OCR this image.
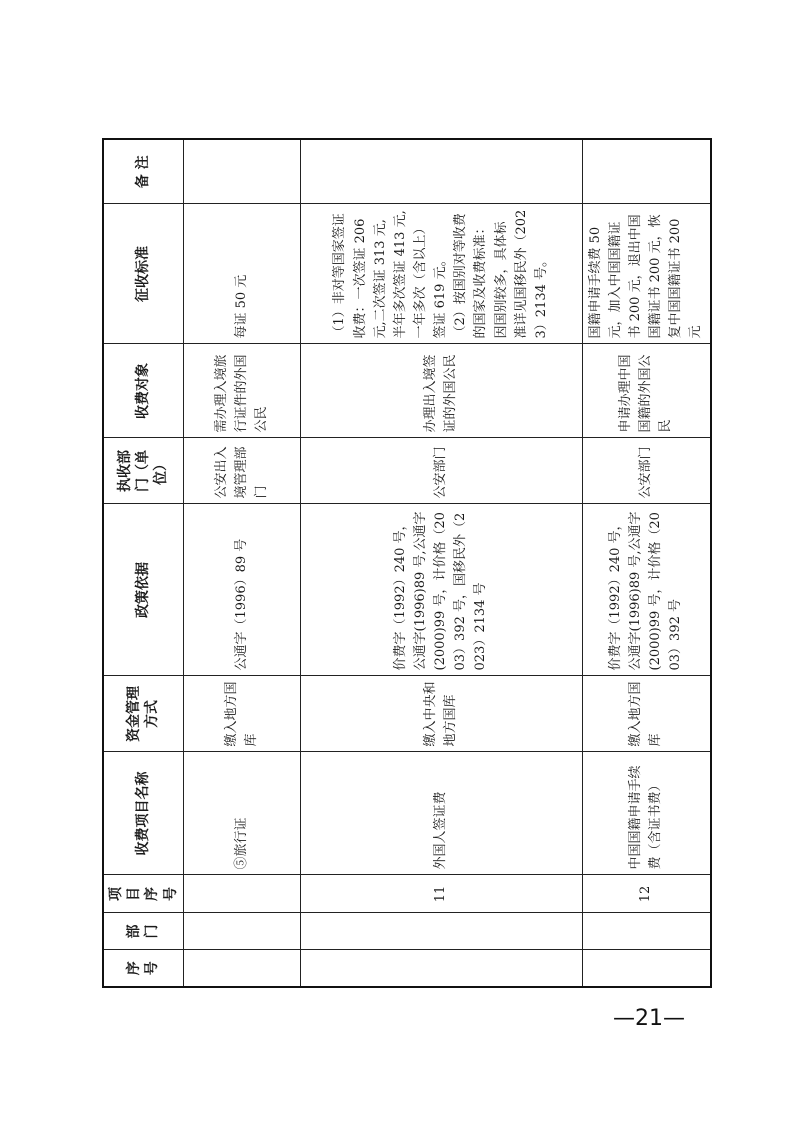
序号	部门	项目序号	收费项目名称	资金管理方式	政策依据	执收部门（单位）	收费对象	征收标准	备 注
			⑤旅行证	缴入地方国库	公通字（1996）89 号	公安出入境管理部门	需办理入境旅行证件的外国公民	每证 50 元	
		11	外国人签证费	缴入中央和地方国库	价费字（1992）240 号，公通字(1996)89 号,公通字(2000)99 号，计价格（2003）392 号，国移民外（2023）2134 号	公安部门	办理出入境签证的外国公民	（1）非对等国家签证收费：一次签证 206 元,二次签证 313 元,半年多次签证 413 元,一年多次（含以上）签证 619 元。 （2）按国别对等收费的国家及收费标准：因国别较多，具体标准详见国移民外（2023）2134 号。	

		12	中国国籍申请手续费（含证书费）	缴入地方国库	价费字（1992）240 号，公通字(1996)89 号,公通字(2000)99 号，计价格（2003）392 号	公安部门	申请办理中国国籍的外国公民	国籍申请手续费 50 元，加入中国国籍证书 200 元，退出中国国籍证书 200 元，恢复中国国籍证书 200 元	
—21—
